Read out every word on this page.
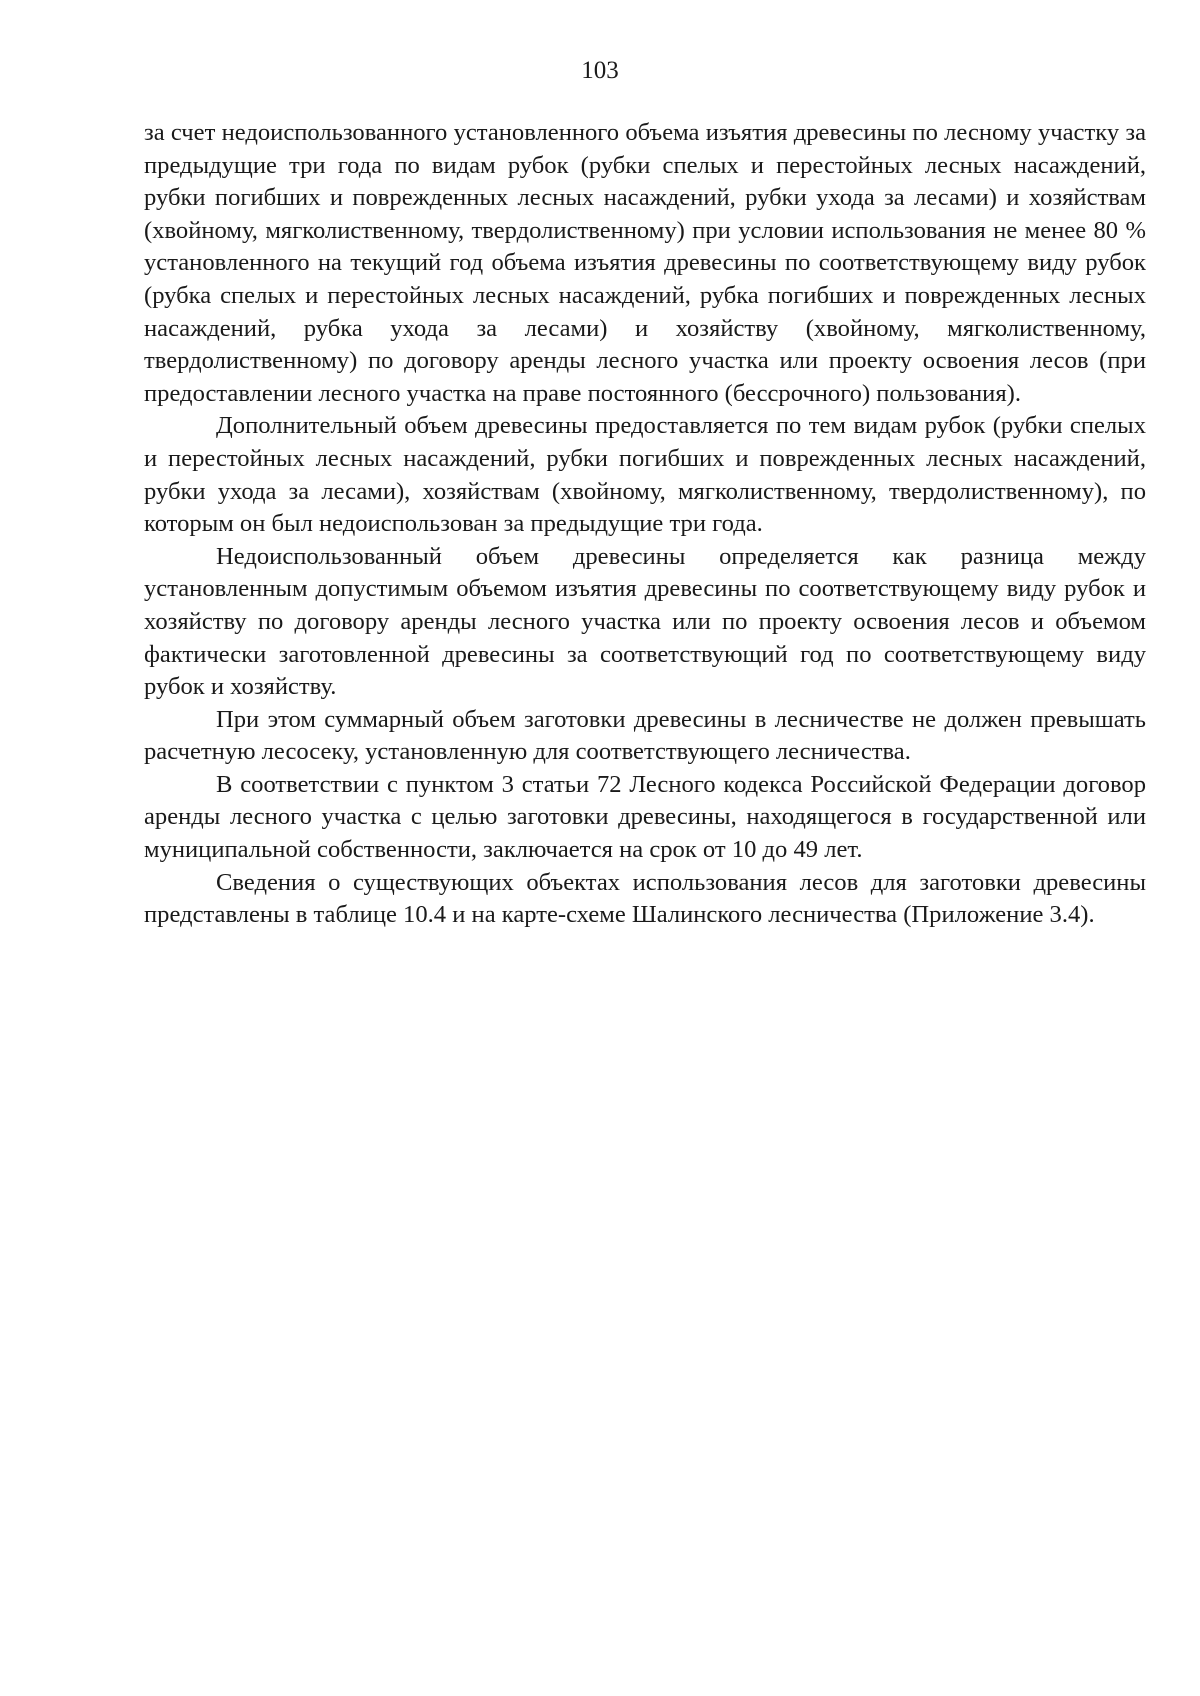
103

за счет недоиспользованного установленного объема изъятия древесины по лесному участку за предыдущие три года по видам рубок (рубки спелых и перестойных лесных насаждений, рубки погибших и поврежденных лесных насаждений, рубки ухода за лесами) и хозяйствам (хвойному, мягколиственному, твердолиственному) при условии использования не менее 80 % установленного на текущий год объема изъятия древесины по соответствующему виду рубок (рубка спелых и перестойных лесных насаждений, рубка погибших и поврежденных лесных насаждений, рубка ухода за лесами) и хозяйству (хвойному, мягколиственному, твердолиственному) по договору аренды лесного участка или проекту освоения лесов (при предоставлении лесного участка на праве постоянного (бессрочного) пользования).

Дополнительный объем древесины предоставляется по тем видам рубок (рубки спелых и перестойных лесных насаждений, рубки погибших и поврежденных лесных насаждений, рубки ухода за лесами), хозяйствам (хвойному, мягколиственному, твердолиственному), по которым он был недоиспользован за предыдущие три года.

Недоиспользованный объем древесины определяется как разница между установленным допустимым объемом изъятия древесины по соответствующему виду рубок и хозяйству по договору аренды лесного участка или по проекту освоения лесов и объемом фактически заготовленной древесины за соответствующий год по соответствующему виду рубок и хозяйству.

При этом суммарный объем заготовки древесины в лесничестве не должен превышать расчетную лесосеку, установленную для соответствующего лесничества.

В соответствии с пунктом 3 статьи 72 Лесного кодекса Российской Федерации договор аренды лесного участка с целью заготовки древесины, находящегося в государственной или муниципальной собственности, заключается на срок от 10 до 49 лет.

Сведения о существующих объектах использования лесов для заготовки древесины представлены в таблице 10.4 и на карте-схеме Шалинского лесничества (Приложение 3.4).
